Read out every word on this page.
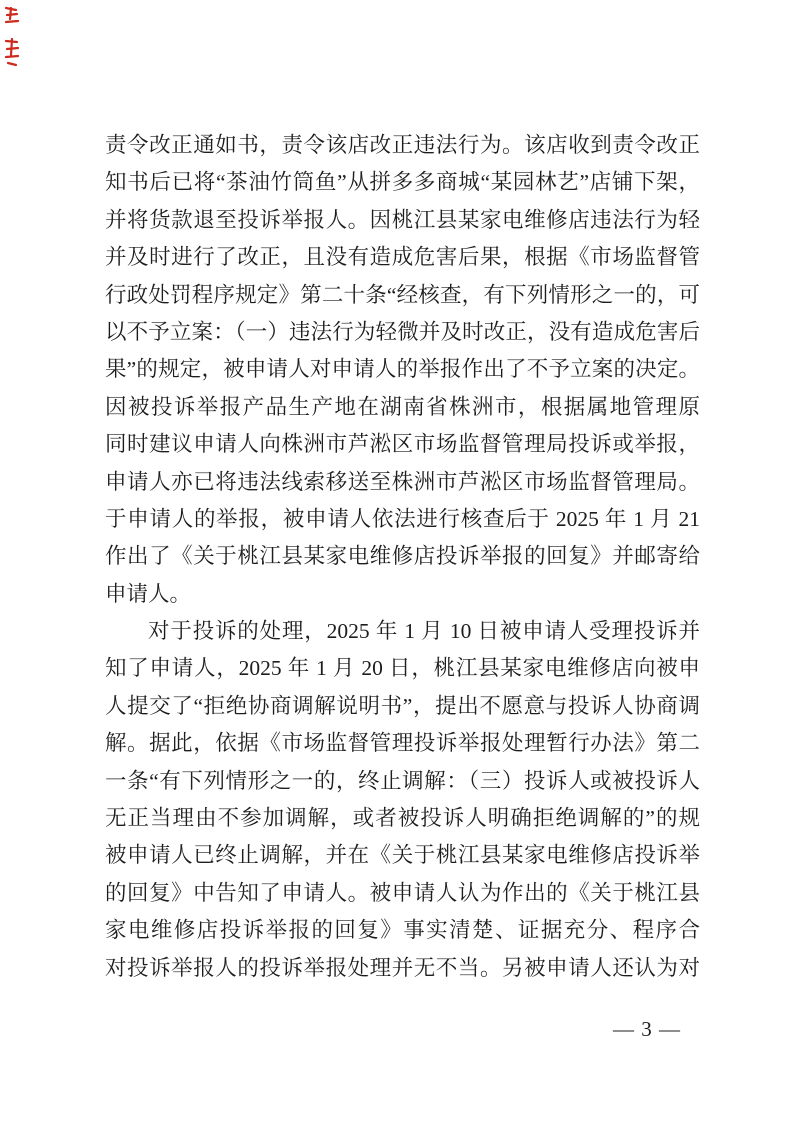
责令改正通如书，责令该店改正违法行为。该店收到责令改正
知书后已将“茶油竹筒鱼”从拼多多商城“某园林艺”店铺下架，
并将货款退至投诉举报人。因桃江县某家电维修店违法行为轻
并及时进行了改正，且没有造成危害后果，根据《市场监督管
行政处罚程序规定》第二十条“经核查，有下列情形之一的，可
以不予立案：（一）违法行为轻微并及时改正，没有造成危害后
果”的规定，被申请人对申请人的举报作出了不予立案的决定。
因被投诉举报产品生产地在湖南省株洲市，根据属地管理原
同时建议申请人向株洲市芦淞区市场监督管理局投诉或举报，
申请人亦已将违法线索移送至株洲市芦淞区市场监督管理局。
于申请人的举报，被申请人依法进行核查后于 2025 年 1 月 21
作出了《关于桃江县某家电维修店投诉举报的回复》并邮寄给
申请人。
对于投诉的处理，2025 年 1 月 10 日被申请人受理投诉并
知了申请人，2025 年 1 月 20 日，桃江县某家电维修店向被申
人提交了“拒绝协商调解说明书”，提出不愿意与投诉人协商调
解。据此，依据《市场监督管理投诉举报处理暂行办法》第二
一条“有下列情形之一的，终止调解：（三）投诉人或被投诉人
无正当理由不参加调解，或者被投诉人明确拒绝调解的”的规
被申请人已终止调解，并在《关于桃江县某家电维修店投诉举
的回复》中告知了申请人。被申请人认为作出的《关于桃江县
家电维修店投诉举报的回复》事实清楚、证据充分、程序合
对投诉举报人的投诉举报处理并无不当。另被申请人还认为对
— 3 —
